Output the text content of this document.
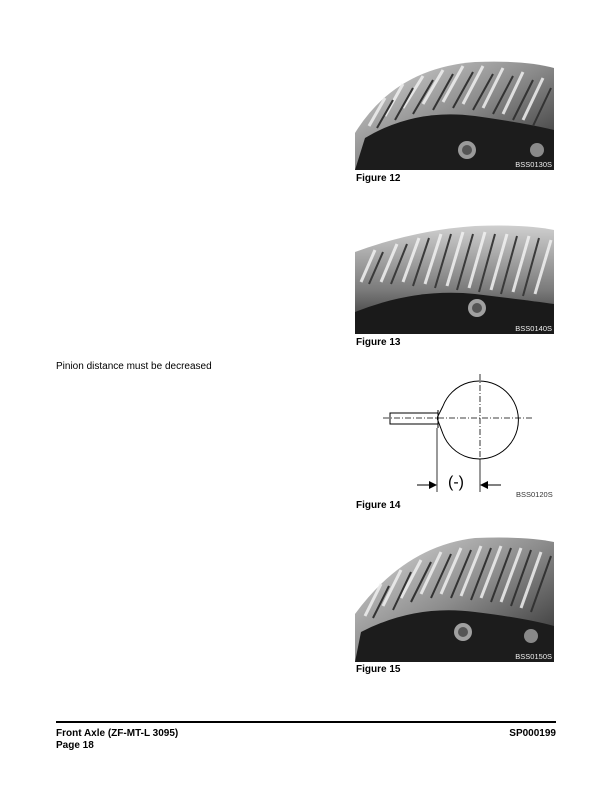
BSS0130S
Figure 12
BSS0140S
Figure 13
Pinion distance must be decreased
(-)
BSS0120S
Figure 14
BSS0150S
Figure 15
Front Axle (ZF-MT-L 3095)
Page 18
SP000199
